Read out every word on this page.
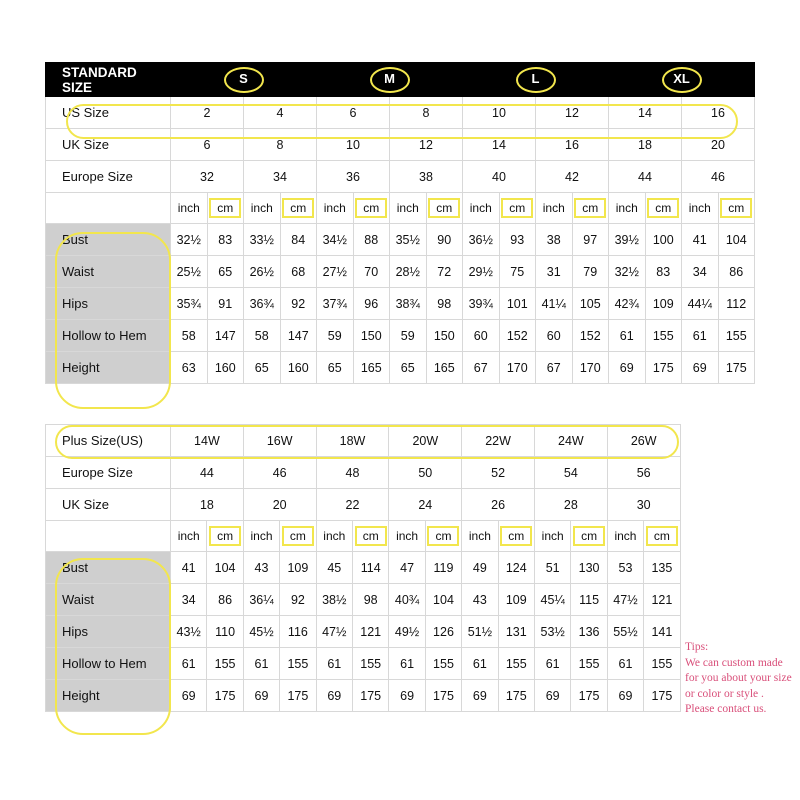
STANDARD SIZE	S				M				L				XL			
US Size	2		4		6		8		10		12		14		16	
UK Size	6		8		10		12		14		16		18		20	
Europe Size	32		34		36		38		40		42		44		46	
	inch	cm	inch	cm	inch	cm	inch	cm	inch	cm	inch	cm	inch	cm	inch	cm
Bust	32½	83	33½	84	34½	88	35½	90	36½	93	38	97	39½	100	41	104
Waist	25½	65	26½	68	27½	70	28½	72	29½	75	31	79	32½	83	34	86
Hips	35¾	91	36¾	92	37¾	96	38¾	98	39¾	101	41¼	105	42¾	109	44¼	112
Hollow to Hem	58	147	58	147	59	150	59	150	60	152	60	152	61	155	61	155
Height	63	160	65	160	65	165	65	165	67	170	67	170	69	175	69	175
Plus Size(US)	14W		16W		18W		20W		22W		24W		26W	
Europe Size	44		46		48		50		52		54		56	
UK Size	18		20		22		24		26		28		30	
	inch	cm	inch	cm	inch	cm	inch	cm	inch	cm	inch	cm	inch	cm
Bust	41	104	43	109	45	114	47	119	49	124	51	130	53	135
Waist	34	86	36¼	92	38½	98	40¾	104	43	109	45¼	115	47½	121
Hips	43½	110	45½	116	47½	121	49½	126	51½	131	53½	136	55½	141
Hollow to Hem	61	155	61	155	61	155	61	155	61	155	61	155	61	155
Height	69	175	69	175	69	175	69	175	69	175	69	175	69	175
Tips:
We can custom made
for you about your size
or color or style .
Please contact us.
